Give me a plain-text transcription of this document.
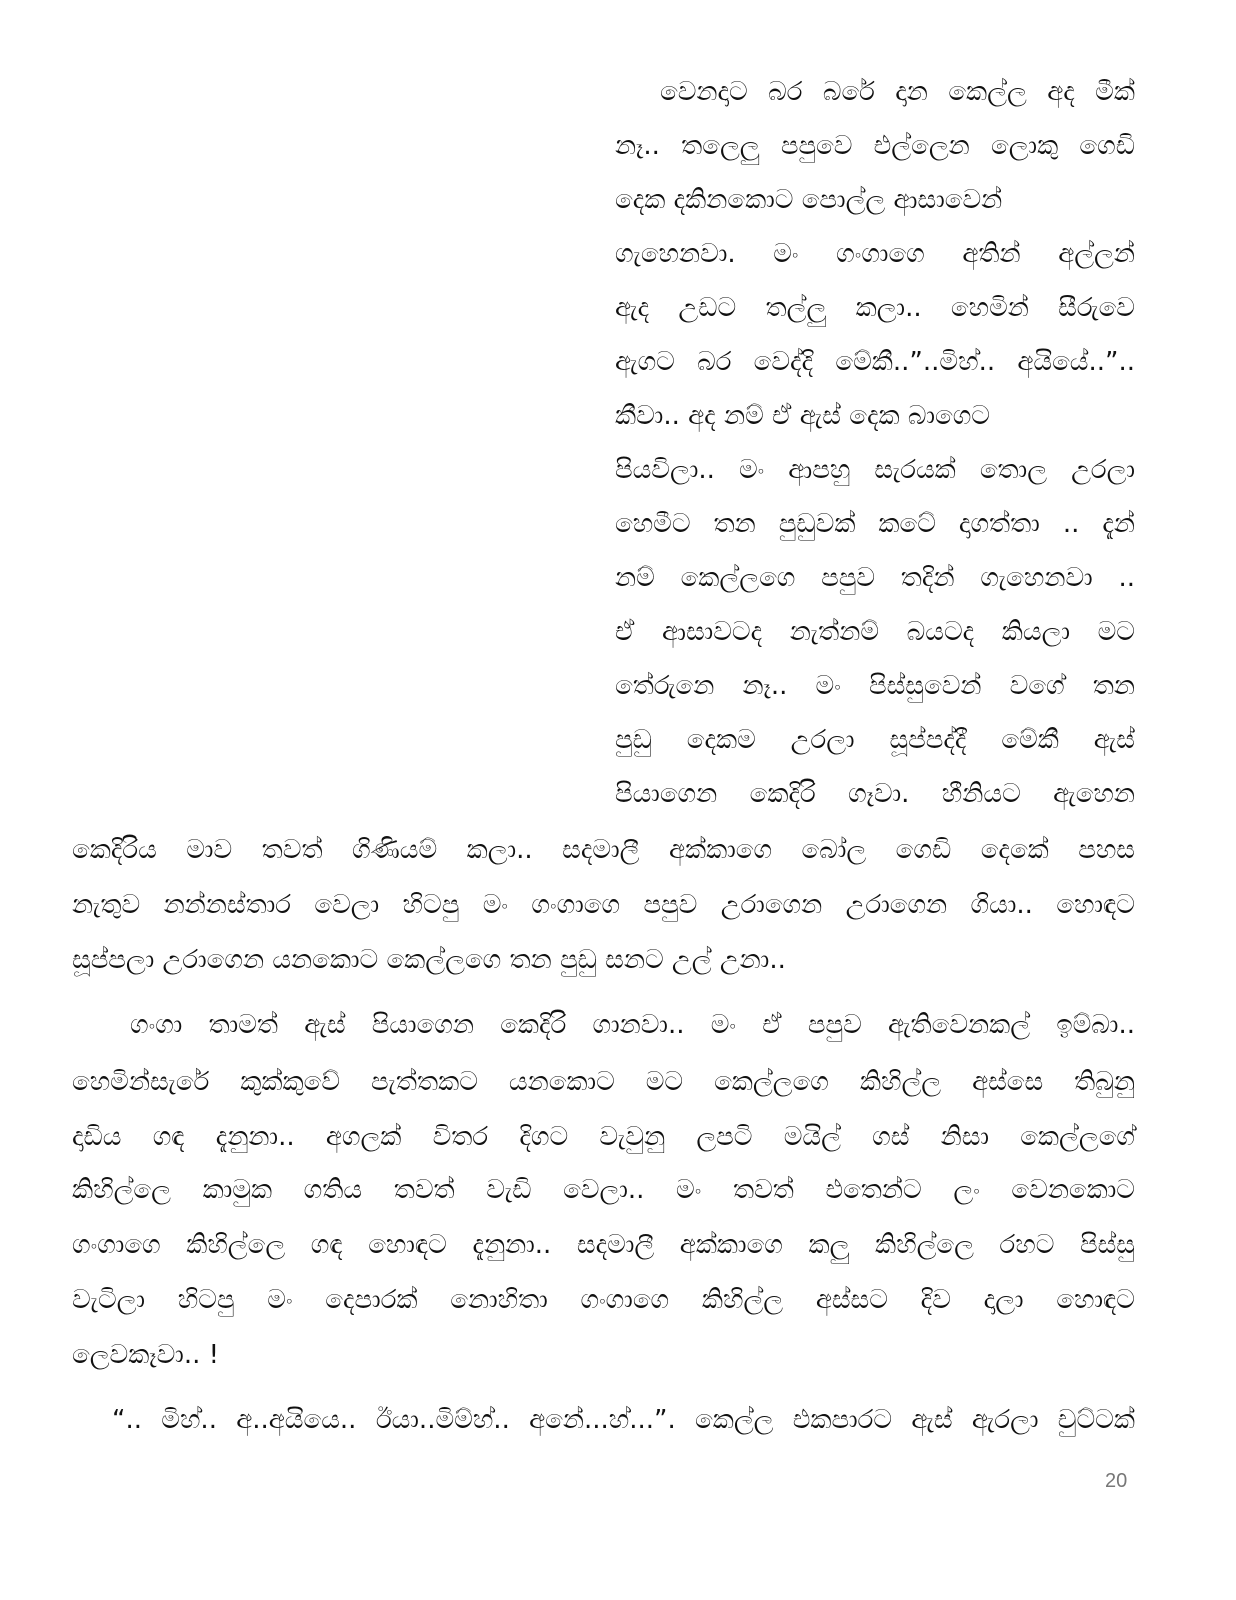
වෙනදාට බර බරේ දාන කෙල්ල අද මීක්
නෑ.. තලෙලු පපුවෙ එල්ලෙන ලොකු ගෙඩි
දෙක දකිනකොට පොල්ල ආසාවෙන්
ගැහෙනවා. මං ගංගාගෙ අතින් අල්ලන්
ඇද උඩට තල්ලු කලා.. හෙමින් සීරුවෙ
ඇගට බර වෙද්දි මේකී..”..මිහ්.. අයියේ..”..
කීවා.. අද නම් ඒ ඇස් දෙක බාගෙට
පියවිලා.. මං ආපහු සැරයක් තොල උරලා
හෙමීට තන පුඩුවක් කටේ දාගත්තා .. දැන්
නම් කෙල්ලගෙ පපුව තදින් ගැහෙනවා ..
ඒ ආසාවටද නැත්නම් බයටද කියලා මට
තේරුනෙ නෑ.. මං පිස්සුවෙන් වගේ තන
පුඩු දෙකම උරලා සූප්පද්දී මේකී ඇස්
පියාගෙන කෙදිරි ගෑවා. හීනියට ඇහෙන
කෙදිරිය මාව තවත් ගිණියම් කලා.. සදමාලී අක්කාගෙ බෝල ගෙඩි දෙකේ පහස
නැතුව නන්නස්තාර වෙලා හිටපු මං ගංගාගෙ පපුව උරාගෙන උරාගෙන ගියා.. හොඳට
සූප්පලා උරාගෙන යනකොට කෙල්ලගෙ තන පුඩු සනට උල් උනා..
ගංගා තාමත් ඇස් පියාගෙන කෙදිරි ගානවා.. මං ඒ පපුව ඇතිවෙනකල් ඉම්බා..
හෙමින්සැරේ කුක්කුවේ පැත්තකට යනකොට මට කෙල්ලගෙ කිහිල්ල අස්සෙ තිබුනු
දාඩිය ගඳ දැනුනා.. අගලක් විතර දිගට වැවුනු ලපටි මයිල් ගස් නිසා කෙල්ලගේ
කිහිල්ලෙ කාමුක ගතිය තවත් වැඩි වෙලා.. මං තවත් එතෙන්ට ලං වෙනකොට
ගංගාගෙ කිහිල්ලෙ ගඳ හොඳට දැනුනා.. සදමාලී අක්කාගෙ කලු කිහිල්ලෙ රහට පිස්සු
වැටිලා හිටපු මං දෙපාරක් නොහිතා ගංගාගෙ කිහිල්ල අස්සට දිව දාලා හොඳට
ලෙවකෑවා.. !
“.. මිහ්.. අ..අයියෙ.. ඊයා..මිම්හ්.. අනේ...හ්...”. කෙල්ල එකපාරට ඇස් ඇරලා චුට්ටක්
20
